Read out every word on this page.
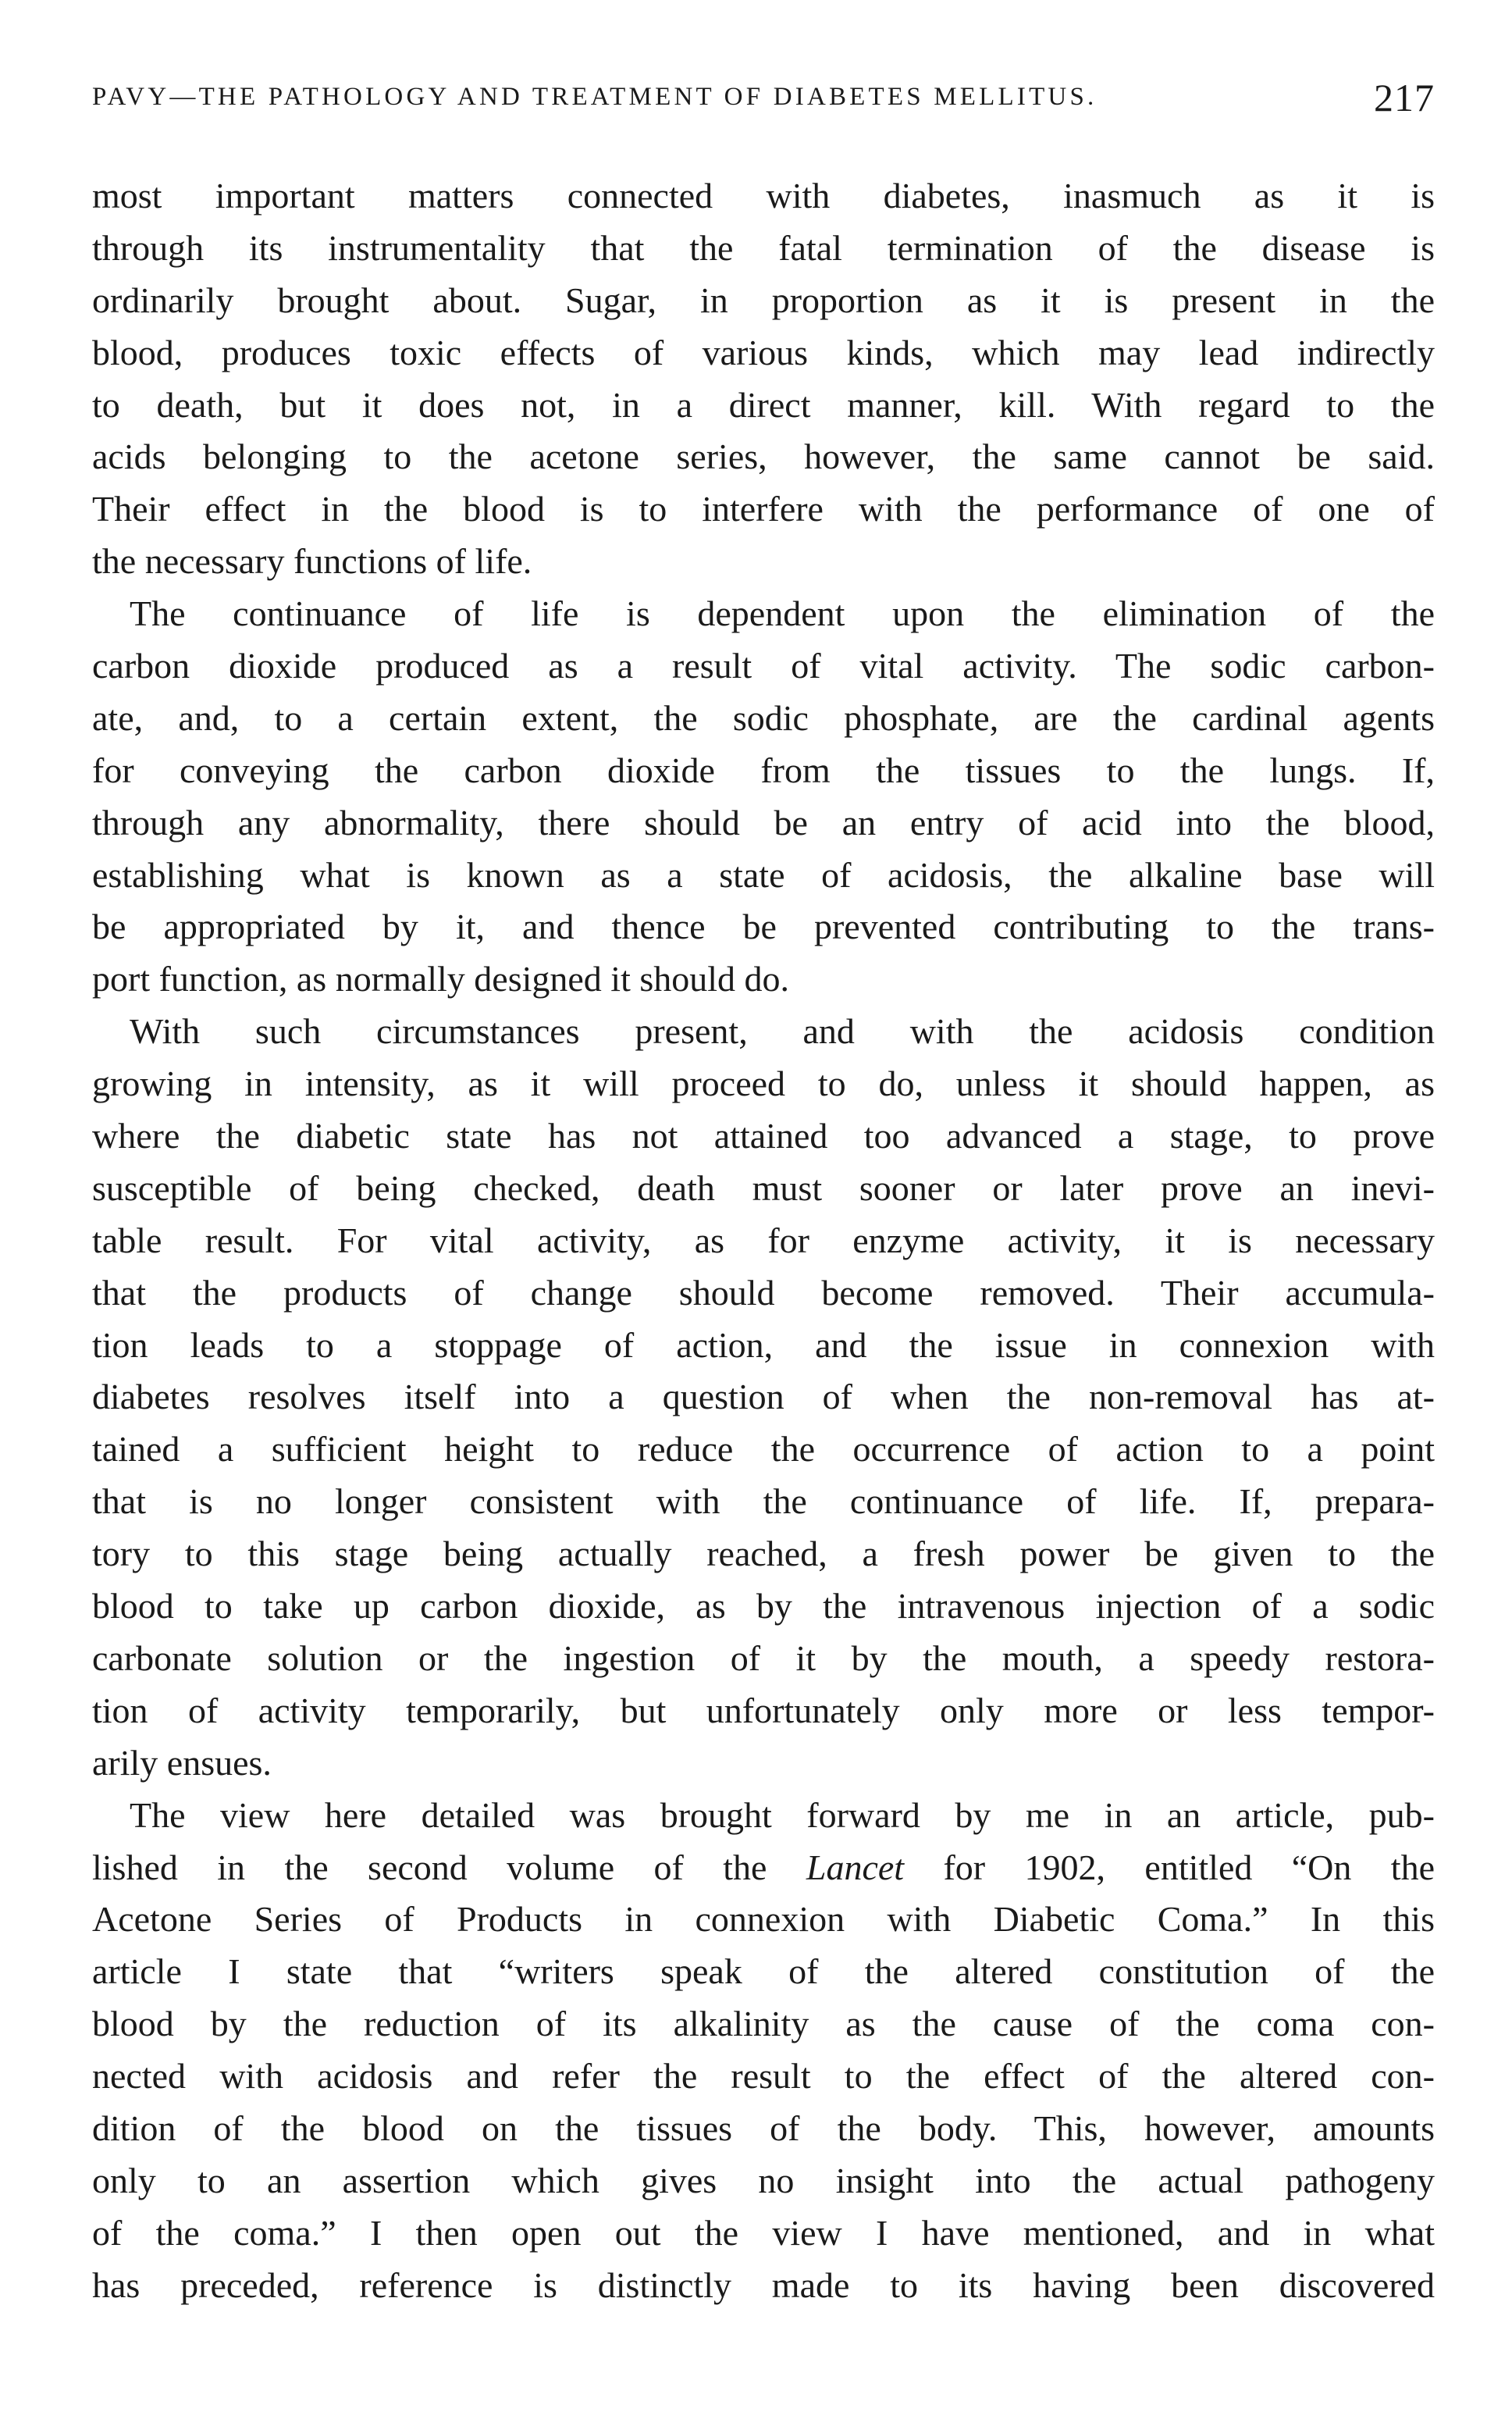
PAVY—THE PATHOLOGY AND TREATMENT OF DIABETES MELLITUS.	217
most important matters connected with diabetes, inasmuch as it is
through its instrumentality that the fatal termination of the disease is
ordinarily brought about. Sugar, in proportion as it is present in the
blood, produces toxic effects of various kinds, which may lead indirectly
to death, but it does not, in a direct manner, kill. With regard to the
acids belonging to the acetone series, however, the same cannot be said.
Their effect in the blood is to interfere with the performance of one of
the necessary functions of life.
The continuance of life is dependent upon the elimination of the
carbon dioxide produced as a result of vital activity. The sodic carbon-
ate, and, to a certain extent, the sodic phosphate, are the cardinal agents
for conveying the carbon dioxide from the tissues to the lungs. If,
through any abnormality, there should be an entry of acid into the blood,
establishing what is known as a state of acidosis, the alkaline base will
be appropriated by it, and thence be prevented contributing to the trans-
port function, as normally designed it should do.
With such circumstances present, and with the acidosis condition
growing in intensity, as it will proceed to do, unless it should happen, as
where the diabetic state has not attained too advanced a stage, to prove
susceptible of being checked, death must sooner or later prove an inevi-
table result. For vital activity, as for enzyme activity, it is necessary
that the products of change should become removed. Their accumula-
tion leads to a stoppage of action, and the issue in connexion with
diabetes resolves itself into a question of when the non-removal has at-
tained a sufficient height to reduce the occurrence of action to a point
that is no longer consistent with the continuance of life. If, prepara-
tory to this stage being actually reached, a fresh power be given to the
blood to take up carbon dioxide, as by the intravenous injection of a sodic
carbonate solution or the ingestion of it by the mouth, a speedy restora-
tion of activity temporarily, but unfortunately only more or less tempor-
arily ensues.
The view here detailed was brought forward by me in an article, pub-
lished in the second volume of the Lancet for 1902, entitled “On the
Acetone Series of Products in connexion with Diabetic Coma.” In this
article I state that “writers speak of the altered constitution of the
blood by the reduction of its alkalinity as the cause of the coma con-
nected with acidosis and refer the result to the effect of the altered con-
dition of the blood on the tissues of the body. This, however, amounts
only to an assertion which gives no insight into the actual pathogeny
of the coma.” I then open out the view I have mentioned, and in what
has preceded, reference is distinctly made to its having been discovered
